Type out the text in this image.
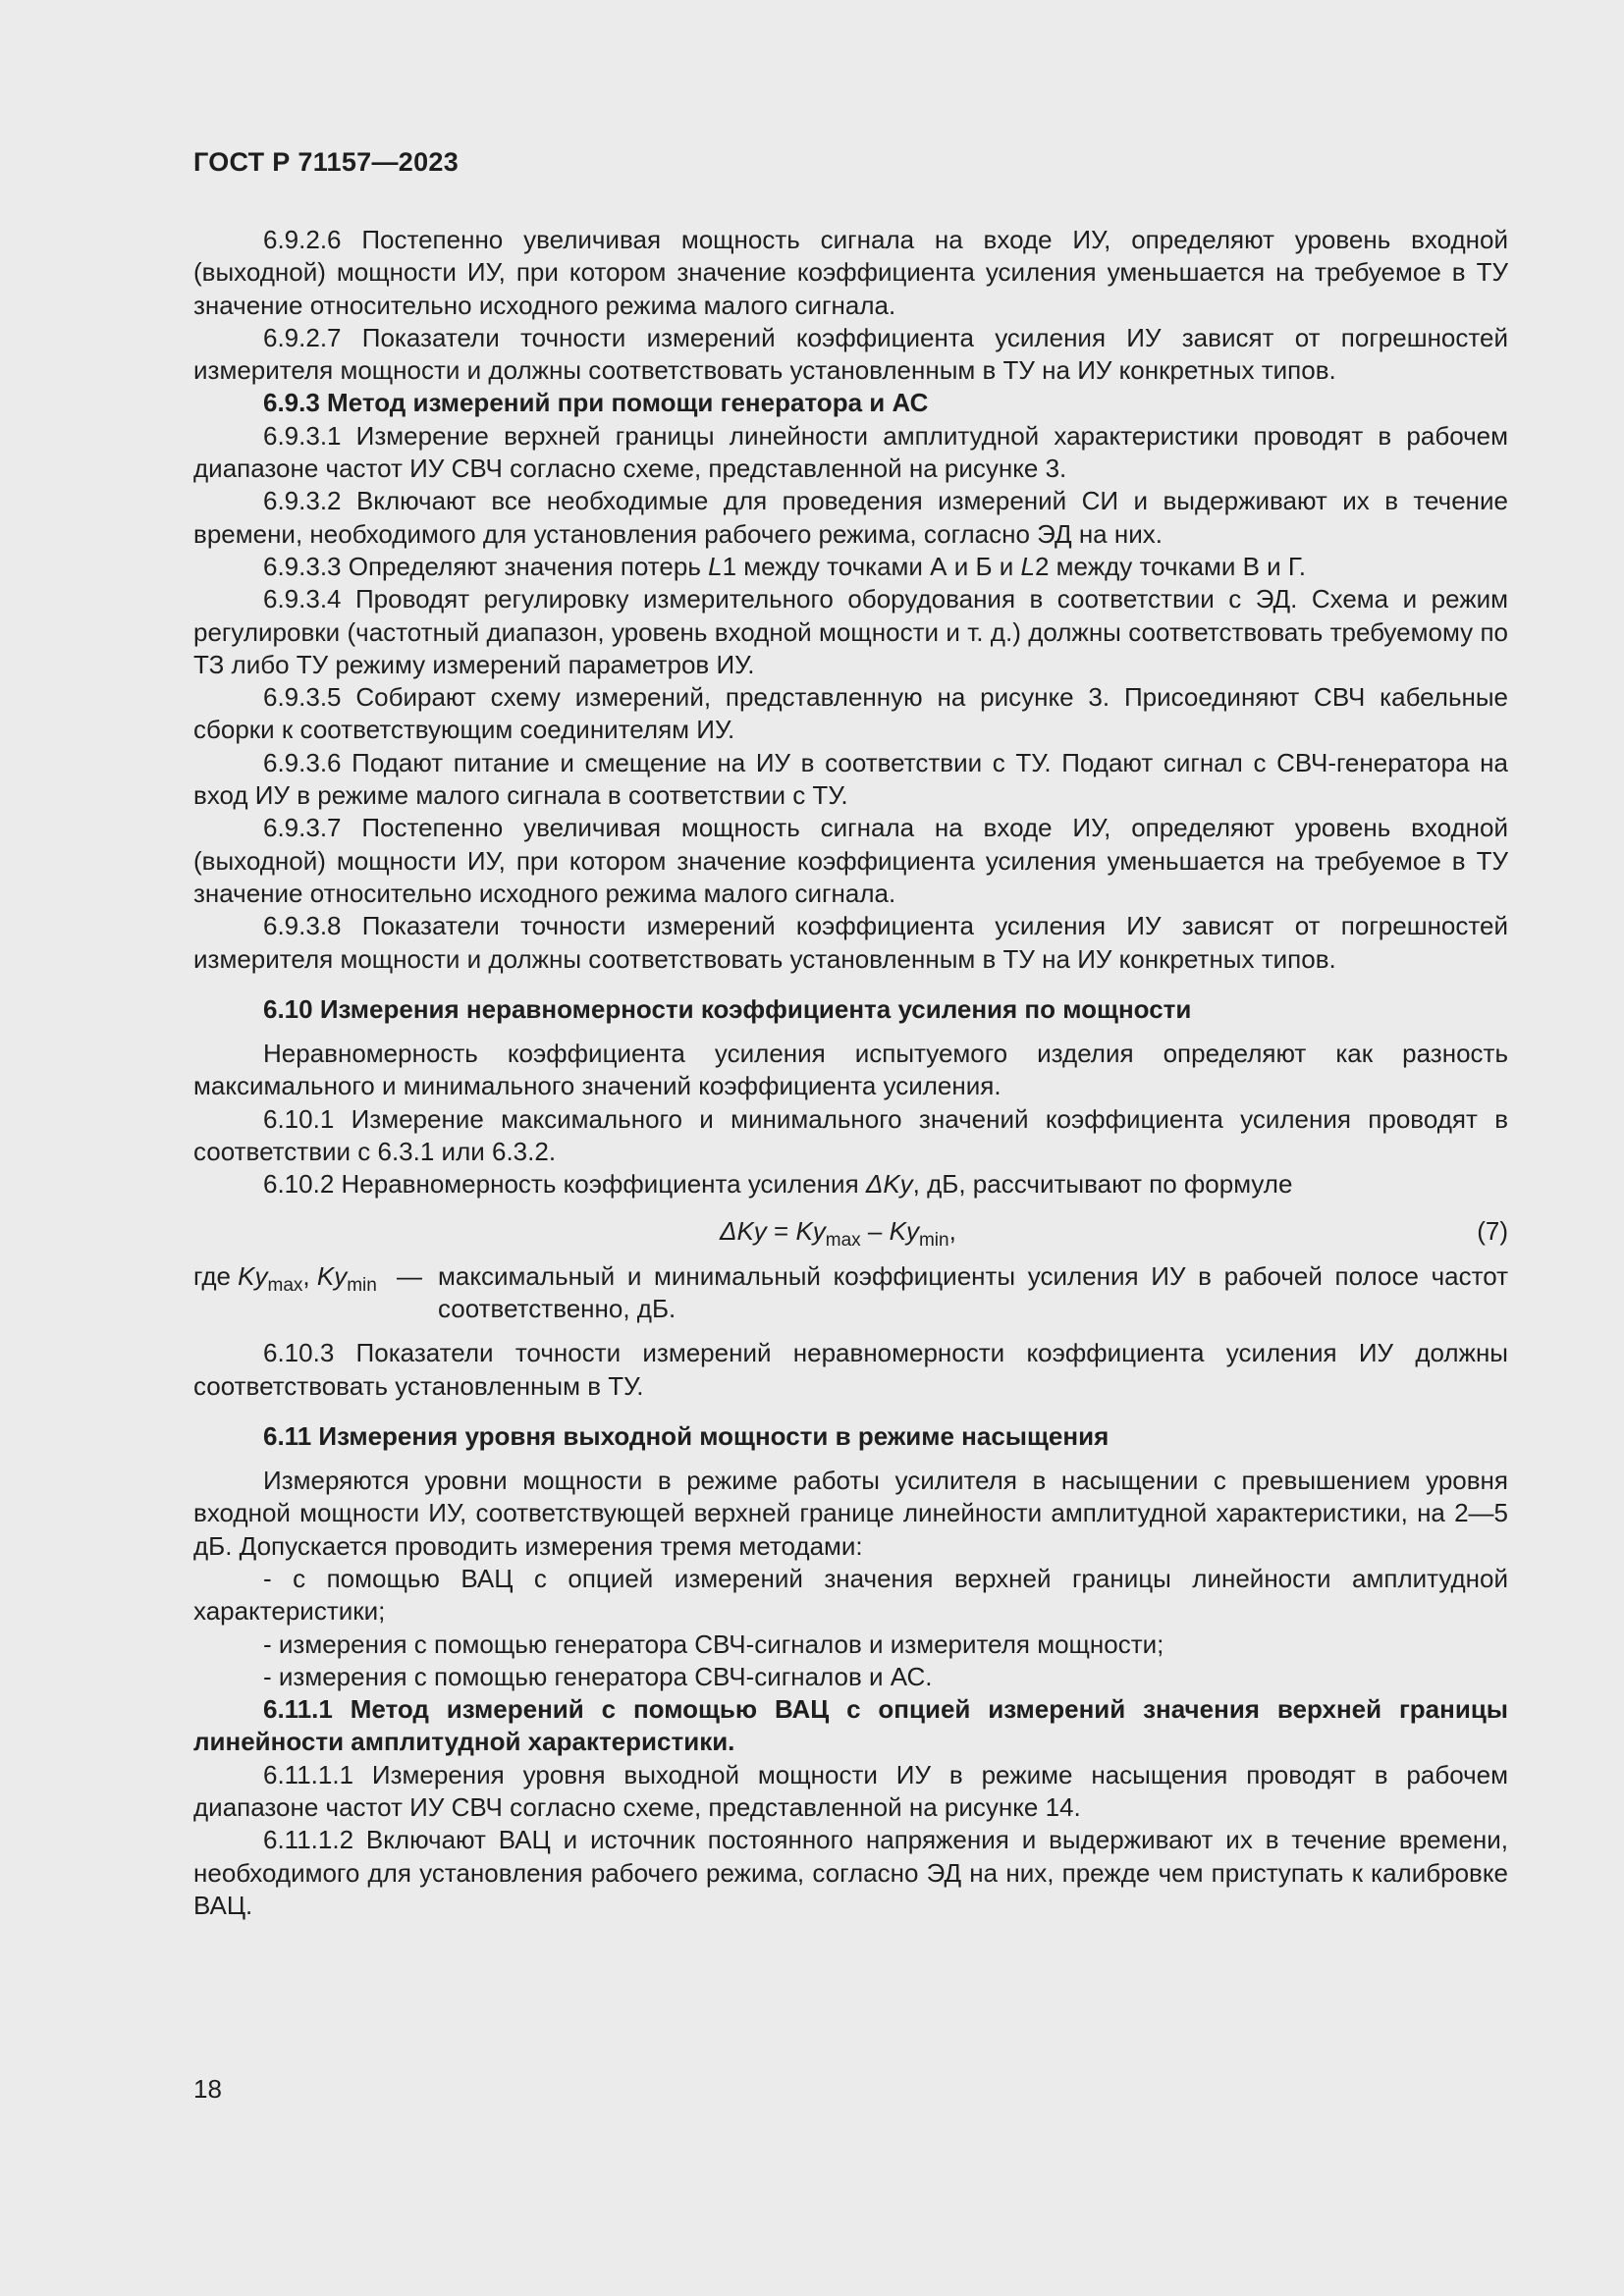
ГОСТ Р 71157—2023

6.9.2.6 Постепенно увеличивая мощность сигнала на входе ИУ, определяют уровень входной (выходной) мощности ИУ, при котором значение коэффициента усиления уменьшается на требуемое в ТУ значение относительно исходного режима малого сигнала.

6.9.2.7 Показатели точности измерений коэффициента усиления ИУ зависят от погрешностей измерителя мощности и должны соответствовать установленным в ТУ на ИУ конкретных типов.

6.9.3 Метод измерений при помощи генератора и АС

6.9.3.1 Измерение верхней границы линейности амплитудной характеристики проводят в рабочем диапазоне частот ИУ СВЧ согласно схеме, представленной на рисунке 3.

6.9.3.2 Включают все необходимые для проведения измерений СИ и выдерживают их в течение времени, необходимого для установления рабочего режима, согласно ЭД на них.

6.9.3.3 Определяют значения потерь L1 между точками А и Б и L2 между точками В и Г.

6.9.3.4 Проводят регулировку измерительного оборудования в соответствии с ЭД. Схема и режим регулировки (частотный диапазон, уровень входной мощности и т. д.) должны соответствовать требуемому по ТЗ либо ТУ режиму измерений параметров ИУ.

6.9.3.5 Собирают схему измерений, представленную на рисунке 3. Присоединяют СВЧ кабельные сборки к соответствующим соединителям ИУ.

6.9.3.6 Подают питание и смещение на ИУ в соответствии с ТУ. Подают сигнал с СВЧ-генератора на вход ИУ в режиме малого сигнала в соответствии с ТУ.

6.9.3.7 Постепенно увеличивая мощность сигнала на входе ИУ, определяют уровень входной (выходной) мощности ИУ, при котором значение коэффициента усиления уменьшается на требуемое в ТУ значение относительно исходного режима малого сигнала.

6.9.3.8 Показатели точности измерений коэффициента усиления ИУ зависят от погрешностей измерителя мощности и должны соответствовать установленным в ТУ на ИУ конкретных типов.

6.10 Измерения неравномерности коэффициента усиления по мощности

Неравномерность коэффициента усиления испытуемого изделия определяют как разность максимального и минимального значений коэффициента усиления.

6.10.1 Измерение максимального и минимального значений коэффициента усиления проводят в соответствии с 6.3.1 или 6.3.2.

6.10.2 Неравномерность коэффициента усиления ΔKу, дБ, рассчитывают по формуле

$\Delta Kу = Kу_{max} - Kу_{min}$,	(7)
где $Kу_{max}$, $Kу_{min}$ — максимальный и минимальный коэффициенты усиления ИУ в рабочей полосе частот соответственно, дБ.

6.10.3 Показатели точности измерений неравномерности коэффициента усиления ИУ должны соответствовать установленным в ТУ.

6.11 Измерения уровня выходной мощности в режиме насыщения

Измеряются уровни мощности в режиме работы усилителя в насыщении с превышением уровня входной мощности ИУ, соответствующей верхней границе линейности амплитудной характеристики, на 2—5 дБ. Допускается проводить измерения тремя методами:

- с помощью ВАЦ с опцией измерений значения верхней границы линейности амплитудной характеристики;

- измерения с помощью генератора СВЧ-сигналов и измерителя мощности;

- измерения с помощью генератора СВЧ-сигналов и АС.

6.11.1 Метод измерений с помощью ВАЦ с опцией измерений значения верхней границы линейности амплитудной характеристики.

6.11.1.1 Измерения уровня выходной мощности ИУ в режиме насыщения проводят в рабочем диапазоне частот ИУ СВЧ согласно схеме, представленной на рисунке 14.

6.11.1.2 Включают ВАЦ и источник постоянного напряжения и выдерживают их в течение времени, необходимого для установления рабочего режима, согласно ЭД на них, прежде чем приступать к калибровке ВАЦ.

18
